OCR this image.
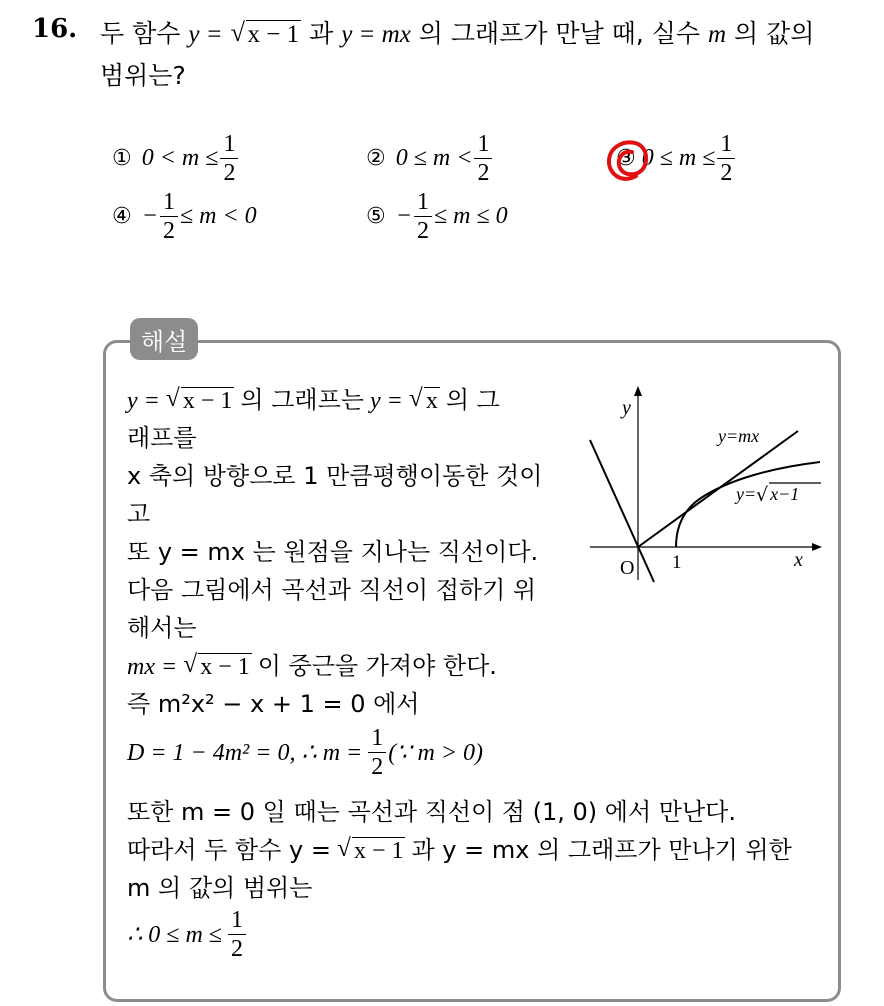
16. 두 함수 y = √ x − 1 과 y = mx 의 그래프가 만날 때, 실수 m 의 값의
범위는?
① $0 < m \le \frac{1}{2}$	② $0 \le m < \frac{1}{2}$	③ $0 \le m \le \frac{1}{2}$
④ − $\frac{1}{2} \le m < 0$	⑤ − $\frac{1}{2} \le m \le 0$
해설
y = √ x − 1 의 그래프는 y = √ x 의 그
래프를
x 축의 방향으로 1 만큼평행이동한 것이
고
또 y = mx 는 원점을 지나는 직선이다.
다음 그림에서 곡선과 직선이 접하기 위
해서는
mx = √ x − 1 이 중근을 가져야 한다.
즉 m²x² − x + 1 = 0 에서
D = 1 − 4m² = 0, ∴ $m = \frac{1}{2}$ (∵ m > 0)
또한 m = 0 일 때는 곡선과 직선이 점 (1, 0) 에서 만난다.
따라서 두 함수 y = √ x − 1 과 y = mx 의 그래프가 만나기 위한
m 의 값의 범위는
∴ $0 \le m \le \frac{1}{2}$
y
x
O 1
y=mx
y= x−1
√
